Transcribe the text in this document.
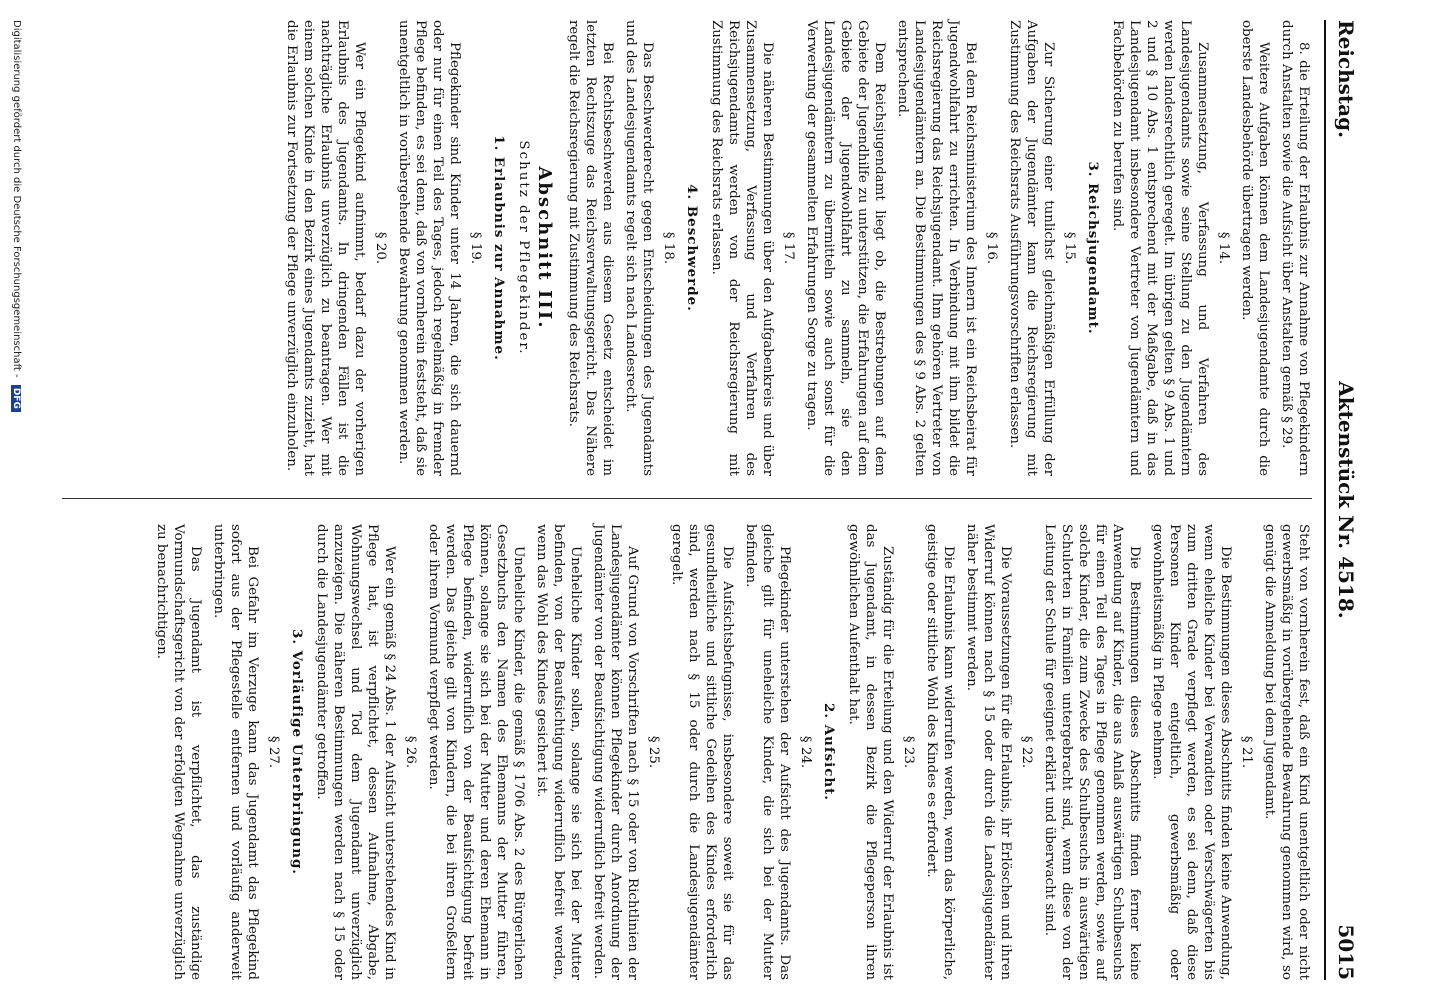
Reichstag.
Aktenstück Nr. 4518.
5015
8. die Erteilung der Erlaubnis zur Annahme von Pflegekindern durch Anstalten sowie die Aufsicht über Anstalten gemäß § 29.
Weitere Aufgaben können dem Landesjugendamte durch die oberste Landesbehörde übertragen werden.
§ 14.
Zusammensetzung, Verfassung und Verfahren des Landesjugendamts sowie seine Stellung zu den Jugendämtern werden landesrechtlich geregelt. Im übrigen gelten § 9 Abs. 1 und 2 und § 10 Abs. 1 entsprechend mit der Maßgabe, daß in das Landesjugendamt insbesondere Vertreter von Jugendämtern und Fachbehörden zu berufen sind.
3. Reichsjugendamt.
§ 15.
Zur Sicherung einer tunlichst gleichmäßigen Erfüllung der Aufgaben der Jugendämter kann die Reichsregierung mit Zustimmung des Reichsrats Ausführungsvorschriften erlassen.
§ 16.
Bei dem Reichsministerium des Innern ist ein Reichsbeirat für Jugendwohlfahrt zu errichten. In Verbindung mit ihm bildet die Reichsregierung das Reichsjugendamt. Ihm gehören Vertreter von Landesjugendämtern an. Die Bestimmungen des § 9 Abs. 2 gelten entsprechend.
Dem Reichsjugendamt liegt ob, die Bestrebungen auf dem Gebiete der Jugendhilfe zu unterstützen, die Erfahrungen auf dem Gebiete der Jugendwohlfahrt zu sammeln, sie den Landesjugendämtern zu übermitteln sowie auch sonst für die Verwertung der gesammelten Erfahrungen Sorge zu tragen.
§ 17.
Die näheren Bestimmungen über den Aufgabenkreis und über Zusammensetzung, Verfassung und Verfahren des Reichsjugendamts werden von der Reichsregierung mit Zustimmung des Reichsrats erlassen.
4. Beschwerde.
§ 18.
Das Beschwerderecht gegen Entscheidungen des Jugendamts und des Landesjugendamts regelt sich nach Landesrecht.
Bei Rechtsbeschwerden aus diesem Gesetz entscheidet im letzten Rechtszuge das Reichsverwaltungsgericht. Das Nähere regelt die Reichsregierung mit Zustimmung des Reichsrats.
Abschnitt III.
Schutz der Pflegekinder.
1. Erlaubnis zur Annahme.
§ 19.
Pflegekinder sind Kinder unter 14 Jahren, die sich dauernd oder nur für einen Teil des Tages, jedoch regelmäßig in fremder Pflege befinden, es sei denn, daß von vornherein feststeht, daß sie unentgeltlich in vorübergehende Bewahrung genommen werden.
§ 20.
Wer ein Pflegekind aufnimmt, bedarf dazu der vorherigen Erlaubnis des Jugendamts. In dringenden Fällen ist die nachträgliche Erlaubnis unverzüglich zu beantragen. Wer mit einem solchen Kinde in den Bezirk eines Jugendamts zuzieht, hat die Erlaubnis zur Fortsetzung der Pflege unverzüglich einzuholen.
Steht von vornherein fest, daß ein Kind unentgeltlich oder nicht gewerbsmäßig in vorübergehende Bewahrung genommen wird, so genügt die Anmeldung bei dem Jugendamt.
§ 21.
Die Bestimmungen dieses Abschnitts finden keine Anwendung, wenn eheliche Kinder bei Verwandten oder Verschwägerten bis zum dritten Grade verpflegt werden, es sei denn, daß diese Personen Kinder entgeltlich, gewerbsmäßig oder gewohnheitsmäßig in Pflege nehmen.
Die Bestimmungen dieses Abschnitts finden ferner keine Anwendung auf Kinder, die aus Anlaß auswärtigen Schulbesuchs für einen Teil des Tages in Pflege genommen werden, sowie auf solche Kinder, die zum Zwecke des Schulbesuchs in auswärtigen Schulorten in Familien untergebracht sind, wenn diese von der Leitung der Schule für geeignet erklärt und überwacht sind.
§ 22.
Die Voraussetzungen für die Erlaubnis, ihr Erlöschen und ihren Widerruf können nach § 15 oder durch die Landesjugendämter näher bestimmt werden.
Die Erlaubnis kann widerrufen werden, wenn das körperliche, geistige oder sittliche Wohl des Kindes es erfordert.
§ 23.
Zuständig für die Erteilung und den Widerruf der Erlaubnis ist das Jugendamt, in dessen Bezirk die Pflegeperson ihren gewöhnlichen Aufenthalt hat.
2. Aufsicht.
§ 24.
Pflegekinder unterstehen der Aufsicht des Jugendamts. Das gleiche gilt für uneheliche Kinder, die sich bei der Mutter befinden.
Die Aufsichtsbefugnisse, insbesondere soweit sie für das gesundheitliche und sittliche Gedeihen des Kindes erforderlich sind, werden nach § 15 oder durch die Landesjugendämter geregelt.
§ 25.
Auf Grund von Vorschriften nach § 15 oder von Richtlinien der Landesjugendämter können Pflegekinder durch Anordnung der Jugendämter von der Beaufsichtigung widerruflich befreit werden.
Uneheliche Kinder sollen, solange sie sich bei der Mutter befinden, von der Beaufsichtigung widerruflich befreit werden, wenn das Wohl des Kindes gesichert ist.
Uneheliche Kinder, die gemäß § 1706 Abs. 2 des Bürgerlichen Gesetzbuchs den Namen des Ehemanns der Mutter führen, können, solange sie sich bei der Mutter und deren Ehemann in Pflege befinden, widerruflich von der Beaufsichtigung befreit werden. Das gleiche gilt von Kindern, die bei ihren Großeltern oder ihrem Vormund verpflegt werden.
§ 26.
Wer ein gemäß § 24 Abs. 1 der Aufsicht unterstehendes Kind in Pflege hat, ist verpflichtet, dessen Aufnahme, Abgabe, Wohnungswechsel und Tod dem Jugendamt unverzüglich anzuzeigen. Die näheren Bestimmungen werden nach § 15 oder durch die Landesjugendämter getroffen.
3. Vorläufige Unterbringung.
§ 27.
Bei Gefahr im Verzuge kann das Jugendamt das Pflegekind sofort aus der Pflegestelle entfernen und vorläufig anderweit unterbringen.
Das Jugendamt ist verpflichtet, das zuständige Vormundschaftsgericht von der erfolgten Wegnahme unverzüglich zu benachrichtigen.
Digitalisierung gefördert durch die Deutsche Forschungsgemeinschaft - DFG
